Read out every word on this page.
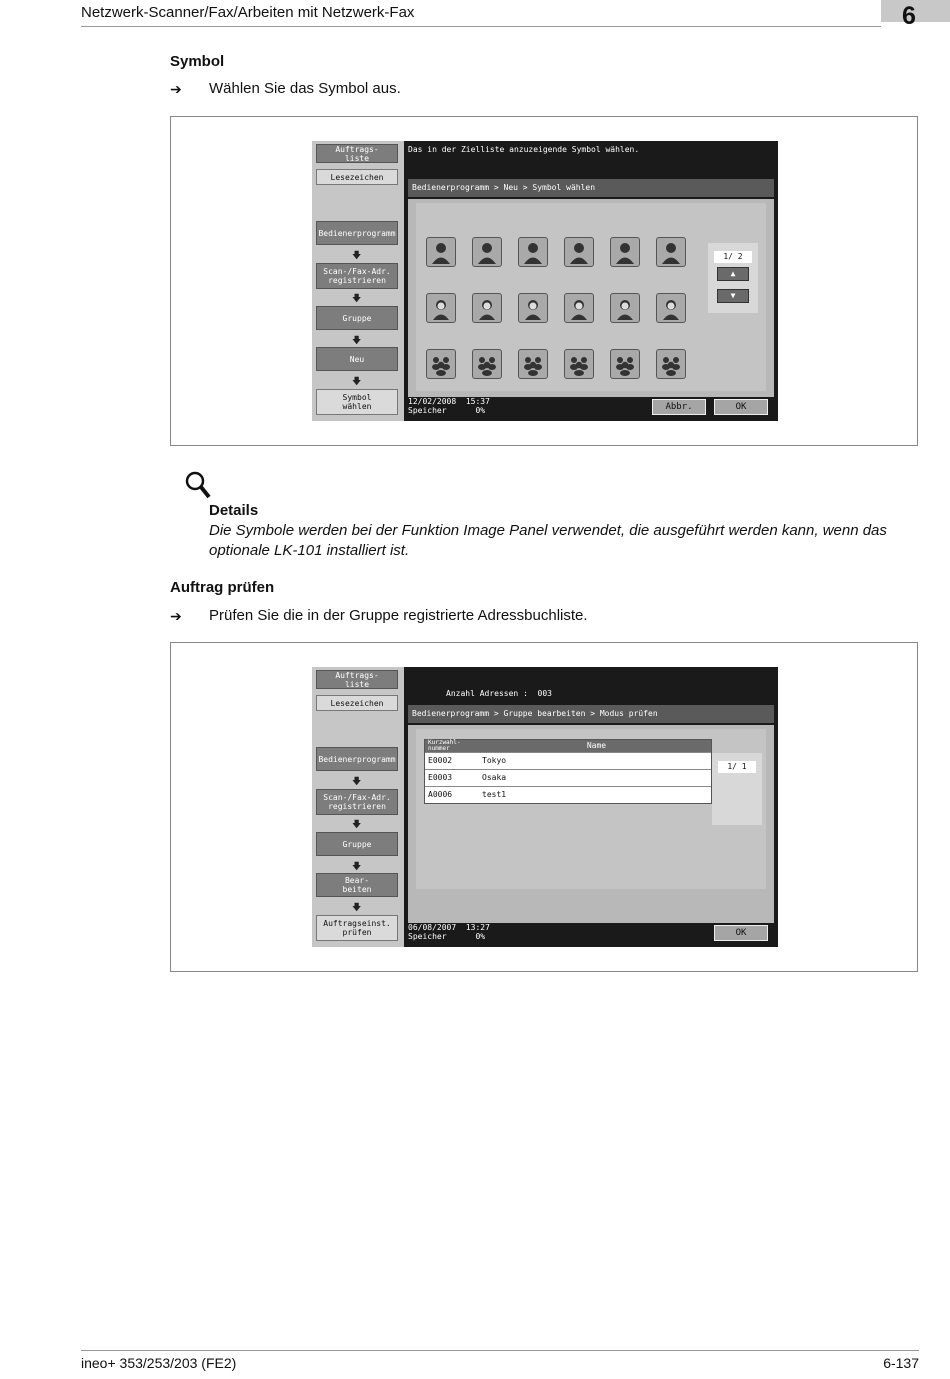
Netzwerk-Scanner/Fax/Arbeiten mit Netzwerk-Fax	6
Symbol
➔ Wählen Sie das Symbol aus.
Auftrags-
liste
Lesezeichen
Bedienerprogramm
🡇
Scan-/Fax-Adr.
registrieren
🡇
Gruppe
🡇
Neu
🡇
Symbol
wählen
Das in der Zielliste anzuzeigende Symbol wählen.
Bedienerprogramm > Neu > Symbol wählen
1/ 2
▲
▼
12/02/2008 15:37
Speicher	0%	Abbr.	OK
Details
Die Symbole werden bei der Funktion Image Panel verwendet, die ausgeführt werden kann, wenn das optionale LK-101 installiert ist.
Auftrag prüfen
➔ Prüfen Sie die in der Gruppe registrierte Adressbuchliste.
Auftrags-
liste
Lesezeichen
Bedienerprogramm
🡇
Scan-/Fax-Adr.
registrieren
🡇
Gruppe
🡇
Bear-
beiten
🡇
Auftragseinst.
prüfen
Anzahl Adressen : 003
Bedienerprogramm > Gruppe bearbeiten > Modus prüfen
Kurzwahl-
nummer	Name
E0002	Tokyo
E0003	Osaka
A0006	test1
1/ 1
06/08/2007 13:27
Speicher	0%	OK
ineo+ 353/253/203 (FE2)	6-137
